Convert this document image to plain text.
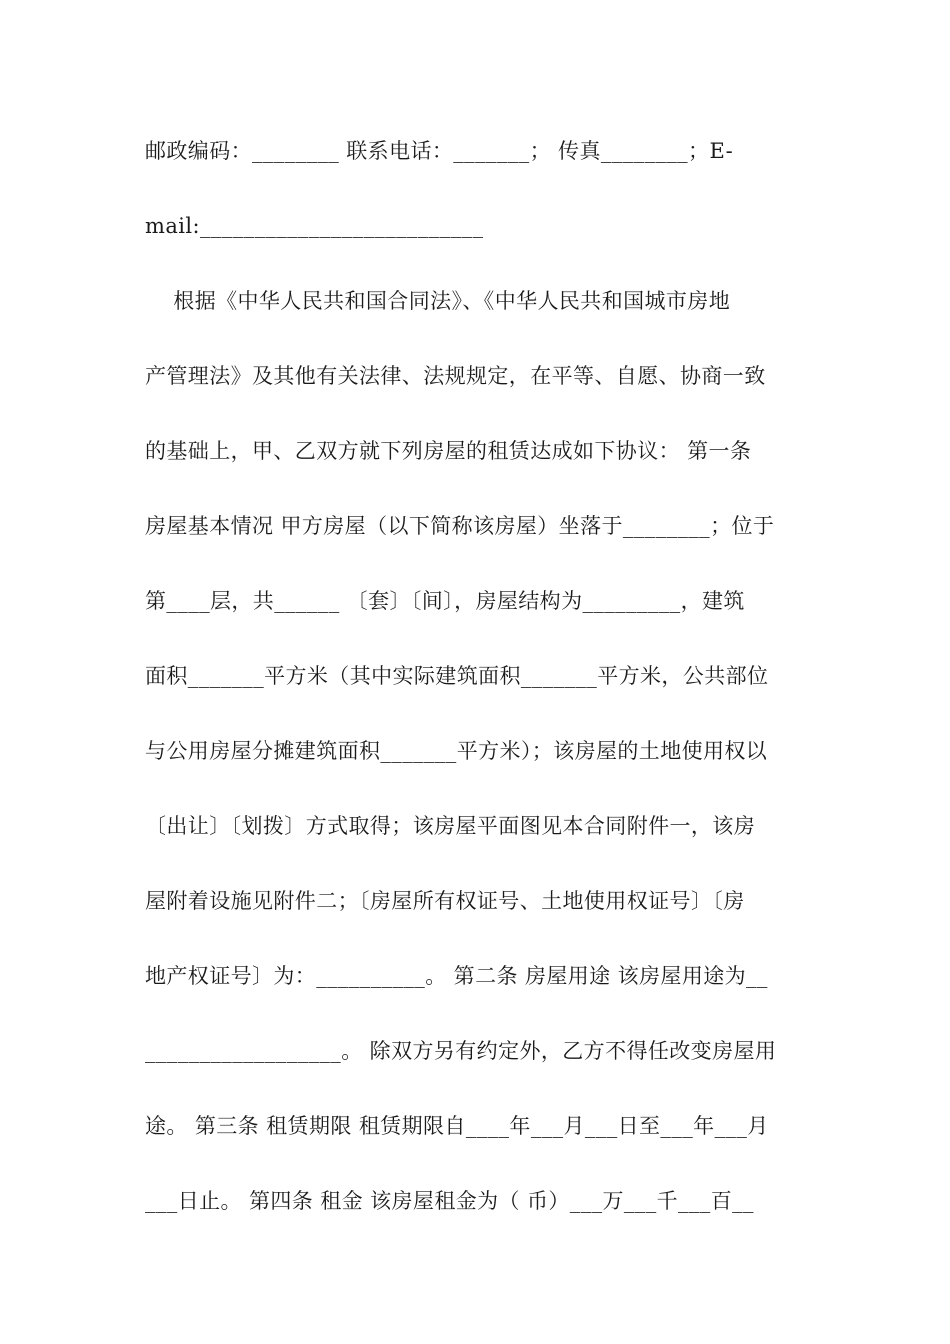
邮政编码：________ 联系电话：_______； 传真________；E-
mail:__________________________
根据《中华人民共和国合同法》、《中华人民共和国城市房地
产管理法》及其他有关法律、法规规定，在平等、自愿、协商一致
的基础上，甲、乙双方就下列房屋的租赁达成如下协议： 第一条
房屋基本情况 甲方房屋（以下简称该房屋）坐落于________；位于
第____层，共______ 〔套〕〔间〕，房屋结构为_________，建筑
面积_______平方米（其中实际建筑面积_______平方米，公共部位
与公用房屋分摊建筑面积_______平方米）；该房屋的土地使用权以
〔出让〕〔划拨〕方式取得；该房屋平面图见本合同附件一，该房
屋附着设施见附件二；〔房屋所有权证号、土地使用权证号〕〔房
地产权证号〕为：__________。 第二条 房屋用途 该房屋用途为__
__________________。 除双方另有约定外，乙方不得任改变房屋用
途。 第三条 租赁期限 租赁期限自____年___月___日至___年___月
___日止。 第四条 租金 该房屋租金为（ 币）___万___千___百__
